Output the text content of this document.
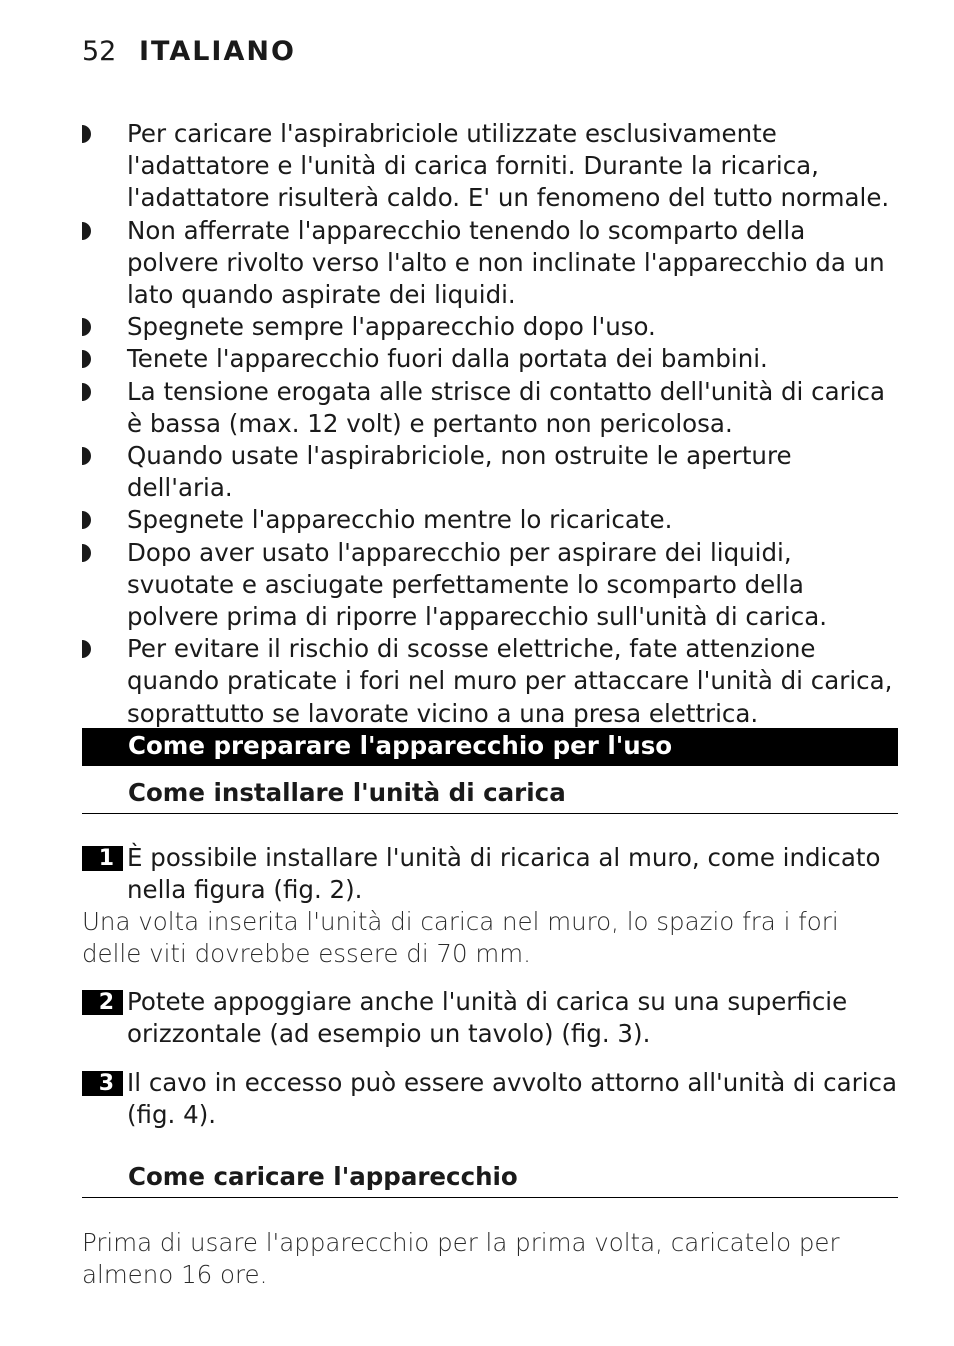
52 ITALIANO
Per caricare l'aspirabriciole utilizzate esclusivamente l'adattatore e l'unità di carica forniti. Durante la ricarica, l'adattatore risulterà caldo. E' un fenomeno del tutto normale.
Non afferrate l'apparecchio tenendo lo scomparto della polvere rivolto verso l'alto e non inclinate l'apparecchio da un lato quando aspirate dei liquidi.
Spegnete sempre l'apparecchio dopo l'uso.
Tenete l'apparecchio fuori dalla portata dei bambini.
La tensione erogata alle strisce di contatto dell'unità di carica è bassa (max. 12 volt) e pertanto non pericolosa.
Quando usate l'aspirabriciole, non ostruite le aperture dell'aria.
Spegnete l'apparecchio mentre lo ricaricate.
Dopo aver usato l'apparecchio per aspirare dei liquidi, svuotate e asciugate perfettamente lo scomparto della polvere prima di riporre l'apparecchio sull'unità di carica.
Per evitare il rischio di scosse elettriche, fate attenzione quando praticate i fori nel muro per attaccare l'unità di carica, soprattutto se lavorate vicino a una presa elettrica.
Come preparare l'apparecchio per l'uso
Come installare l'unità di carica
1 È possibile installare l'unità di ricarica al muro, come indicato nella figura (fig. 2).
Una volta inserita l'unità di carica nel muro, lo spazio fra i fori delle viti dovrebbe essere di 70 mm.
2 Potete appoggiare anche l'unità di carica su una superficie orizzontale (ad esempio un tavolo) (fig. 3).
3 Il cavo in eccesso può essere avvolto attorno all'unità di carica (fig. 4).
Come caricare l'apparecchio
Prima di usare l'apparecchio per la prima volta, caricatelo per almeno 16 ore.
